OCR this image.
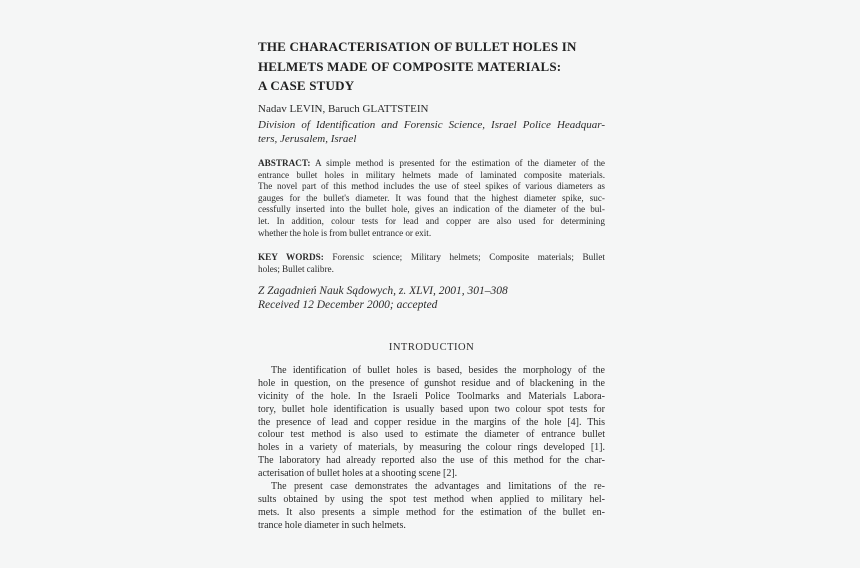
THE CHARACTERISATION OF BULLET HOLES IN
HELMETS MADE OF COMPOSITE MATERIALS:
A CASE STUDY
Nadav LEVIN, Baruch GLATTSTEIN
Division of Identification and Forensic Science, Israel Police Headquar-
ters, Jerusalem, Israel
ABSTRACT: A simple method is presented for the estimation of the diameter of the
entrance bullet holes in military helmets made of laminated composite materials.
The novel part of this method includes the use of steel spikes of various diameters as
gauges for the bullet's diameter. It was found that the highest diameter spike, suc-
cessfully inserted into the bullet hole, gives an indication of the diameter of the bul-
let. In addition, colour tests for lead and copper are also used for determining
whether the hole is from bullet entrance or exit.
KEY WORDS: Forensic science; Military helmets; Composite materials; Bullet
holes; Bullet calibre.
Z Zagadnień Nauk Sądowych, z. XLVI, 2001, 301–308
Received 12 December 2000; accepted
INTRODUCTION
The identification of bullet holes is based, besides the morphology of the
hole in question, on the presence of gunshot residue and of blackening in the
vicinity of the hole. In the Israeli Police Toolmarks and Materials Labora-
tory, bullet hole identification is usually based upon two colour spot tests for
the presence of lead and copper residue in the margins of the hole [4]. This
colour test method is also used to estimate the diameter of entrance bullet
holes in a variety of materials, by measuring the colour rings developed [1].
The laboratory had already reported also the use of this method for the char-
acterisation of bullet holes at a shooting scene [2].
The present case demonstrates the advantages and limitations of the re-
sults obtained by using the spot test method when applied to military hel-
mets. It also presents a simple method for the estimation of the bullet en-
trance hole diameter in such helmets.
